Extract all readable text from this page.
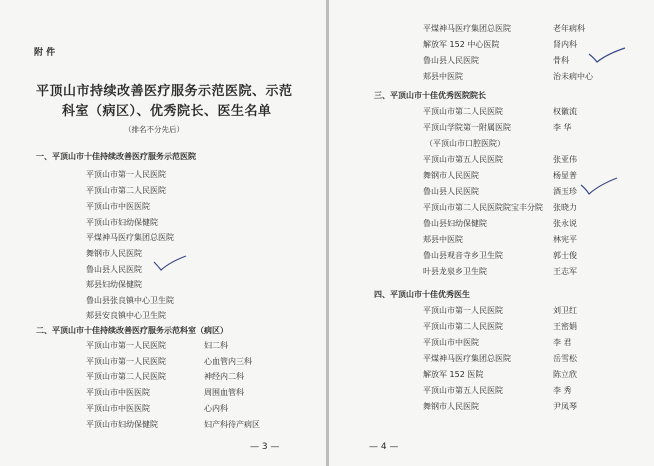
附 件
平顶山市持续改善医疗服务示范医院、示范
科室（病区）、优秀院长、医生名单
（排名不分先后）
一、平顶山市十佳持续改善医疗服务示范医院
平顶山市第一人民医院
平顶山市第二人民医院
平顶山市中医医院
平顶山市妇幼保健院
平煤神马医疗集团总医院
舞钢市人民医院
鲁山县人民医院
郏县妇幼保健院
鲁山县张良镇中心卫生院
郏县安良镇中心卫生院
二、平顶山市十佳持续改善医疗服务示范科室（病区）
平顶山市第一人民医院	妇二科
平顶山市第一人民医院	心血管内三科
平顶山市第二人民医院	神经内二科
平顶山市中医医院	周围血管科
平顶山市中医医院	心内科
平顶山市妇幼保健院	妇产科待产病区
— 3 —
平煤神马医疗集团总医院	老年病科
解放军 152 中心医院	肾内科
鲁山县人民医院	骨科
郏县中医院	治未病中心
三、平顶山市十佳优秀医院院长
平顶山市第二人民医院	权徽流
平顶山学院第一附属医院	李 华
（平顶山市口腔医院）
平顶山市第五人民医院	张亚伟
舞钢市人民医院	杨显普
鲁山县人民医院	酒玉珍
平顶山市第二人民医院院宝丰分院 张晓力
鲁山县妇幼保健院	张永说
郏县中医院	林宪平
鲁山县观音寺乡卫生院	郭士俊
叶县龙泉乡卫生院	王志军
四、平顶山市十佳优秀医生
平顶山市第一人民医院	刘卫红
平顶山市第二人民医院	王密娟
平顶山市中医院	李 君
平煤神马医疗集团总医院	岳雪松
解放军 152 医院	陈立欣
平顶山市第五人民医院	李 秀
舞钢市人民医院	尹凤琴
— 4 —
